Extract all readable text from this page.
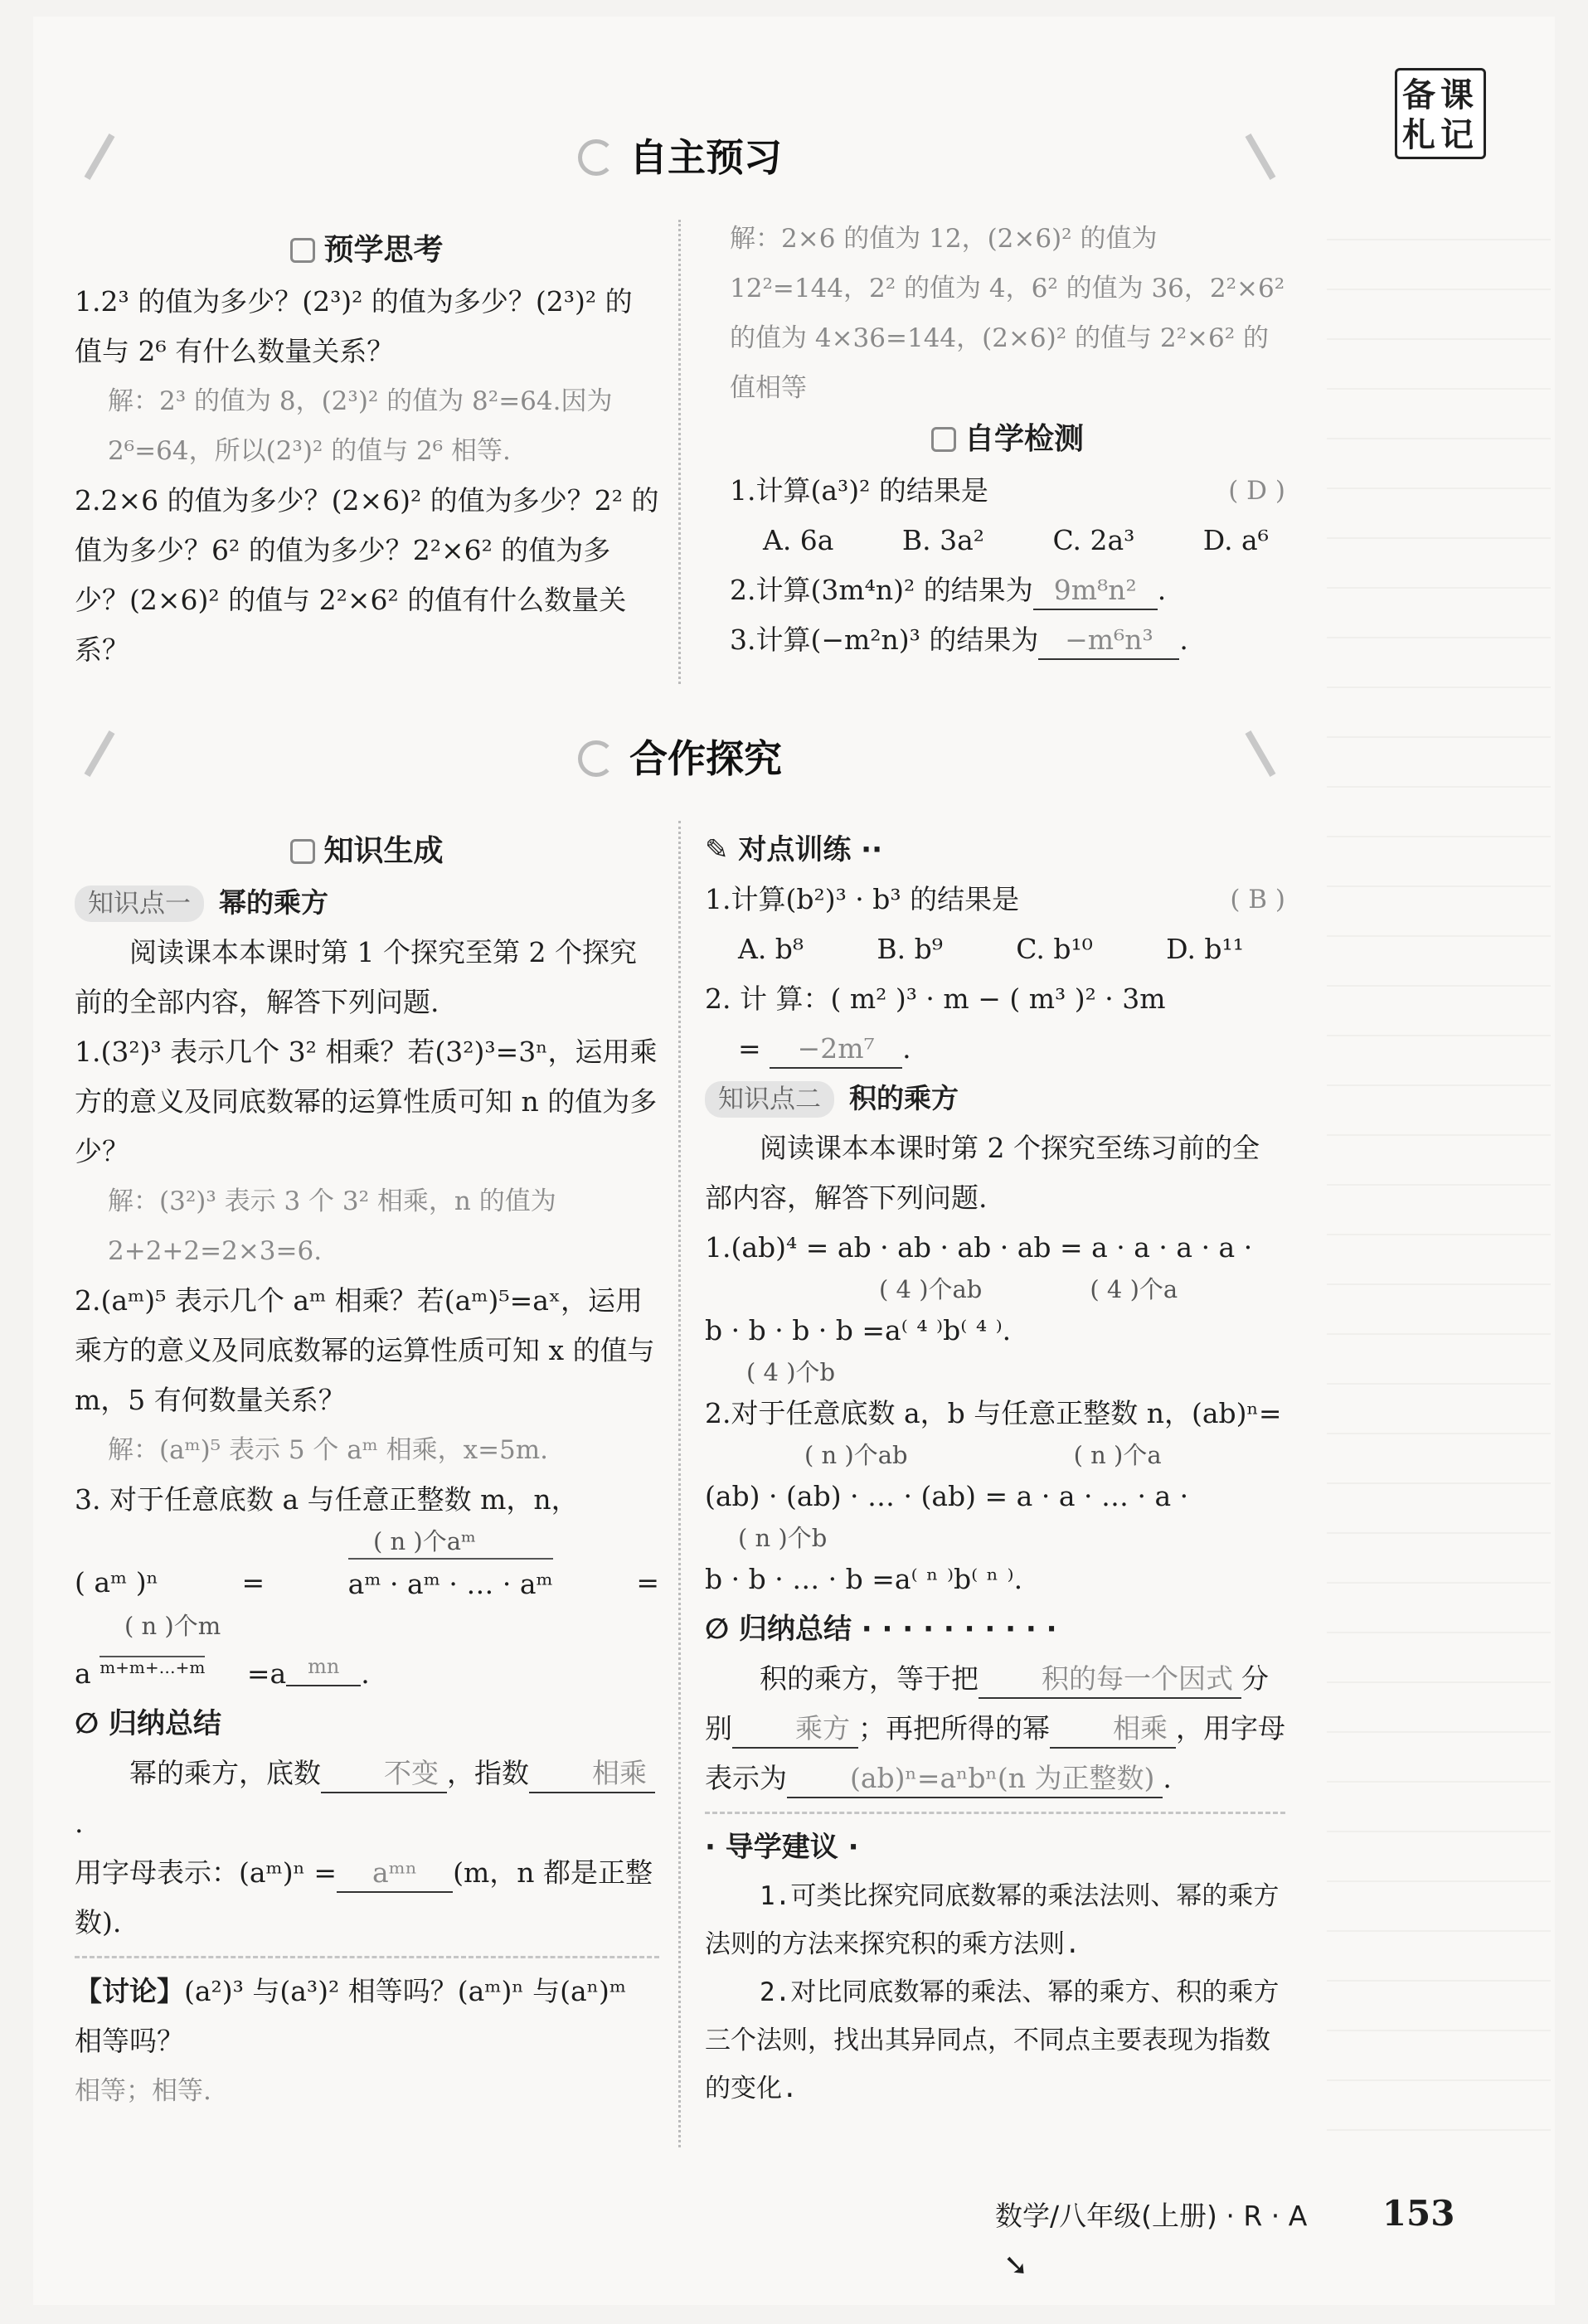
备课札记
自主预习
预学思考

1.2³ 的值为多少？(2³)² 的值为多少？(2³)² 的值与 2⁶ 有什么数量关系？

解：2³ 的值为 8，(2³)² 的值为 8²=64.因为 2⁶=64，所以(2³)² 的值与 2⁶ 相等.

2.2×6 的值为多少？(2×6)² 的值为多少？2² 的值为多少？6² 的值为多少？2²×6² 的值为多少？(2×6)² 的值与 2²×6² 的值有什么数量关系？

解：2×6 的值为 12，(2×6)² 的值为 12²=144，2² 的值为 4，6² 的值为 36，2²×6² 的值为 4×36=144，(2×6)² 的值与 2²×6² 的值相等

自学检测

1.计算(a³)² 的结果是	( D )

A. 6a B. 3a² C. 2a³ D. a⁶

2.计算(3m⁴n)² 的结果为 9m⁸n² .

3.计算(−m²n)³ 的结果为 −m⁶n³ .

合作探究
知识生成

知识点一 幂的乘方

阅读课本本课时第 1 个探究至第 2 个探究前的全部内容，解答下列问题.

1.(3²)³ 表示几个 3² 相乘？若(3²)³=3ⁿ，运用乘方的意义及同底数幂的运算性质可知 n 的值为多少？

解：(3²)³ 表示 3 个 3² 相乘，n 的值为 2+2+2=2×3=6.

2.(aᵐ)⁵ 表示几个 aᵐ 相乘？若(aᵐ)⁵=aˣ，运用乘方的意义及同底数幂的运算性质可知 x 的值与 m，5 有何数量关系？

解：(aᵐ)⁵ 表示 5 个 aᵐ 相乘，x=5m.

3. 对于任意底数 a 与任意正整数 m，n，

( n )个aᵐ

( aᵐ )ⁿ	=	aᵐ · aᵐ · … · aᵐ	=

( n )个m

a $^{m+m+\dots+m}$ =a $^{mn}$ .

∅ 归纳总结

幂的乘方，底数 不变 ，指数 相乘.

用字母表示：(aᵐ)ⁿ = aᵐⁿ (m，n 都是正整数).

【讨论】(a²)³ 与(a³)² 相等吗？(aᵐ)ⁿ 与(aⁿ)ᵐ 相等吗？

相等；相等.

✎ 对点训练 ··

1.计算(b²)³ · b³ 的结果是	( B )

A. b⁸	B. b⁹	C. b¹⁰	D. b¹¹

2. 计 算：( m² )³ · m − ( m³ )² · 3m

= −2m⁷ .

知识点二 积的乘方

阅读课本本课时第 2 个探究至练习前的全部内容，解答下列问题.

1.(ab)⁴ = ab · ab · ab · ab = a · a · a · a ·

( 4 )个ab	( 4 )个a

b · b · b · b =a⁽ ⁴ ⁾b⁽ ⁴ ⁾.

( 4 )个b

2.对于任意底数 a，b 与任意正整数 n，(ab)ⁿ=

( n )个ab	( n )个a

(ab) · (ab) · … · (ab) = a · a · … · a ·

( n )个b

b · b · … · b =a⁽ ⁿ ⁾b⁽ ⁿ ⁾.

∅ 归纳总结 · · · · · · · · · ·

积的乘方，等于把 积的每一个因式 分别 乘方 ；再把所得的幂 相乘 ，用字母表示为 (ab)ⁿ=aⁿbⁿ(n 为正整数) .

· 导学建议 ·

1.可类比探究同底数幂的乘法法则、幂的乘方法则的方法来探究积的乘方法则.

2.对比同底数幂的乘法、幂的乘方、积的乘方三个法则，找出其异同点，不同点主要表现为指数的变化.

数学/八年级(上册) · R · A 153 ➘
